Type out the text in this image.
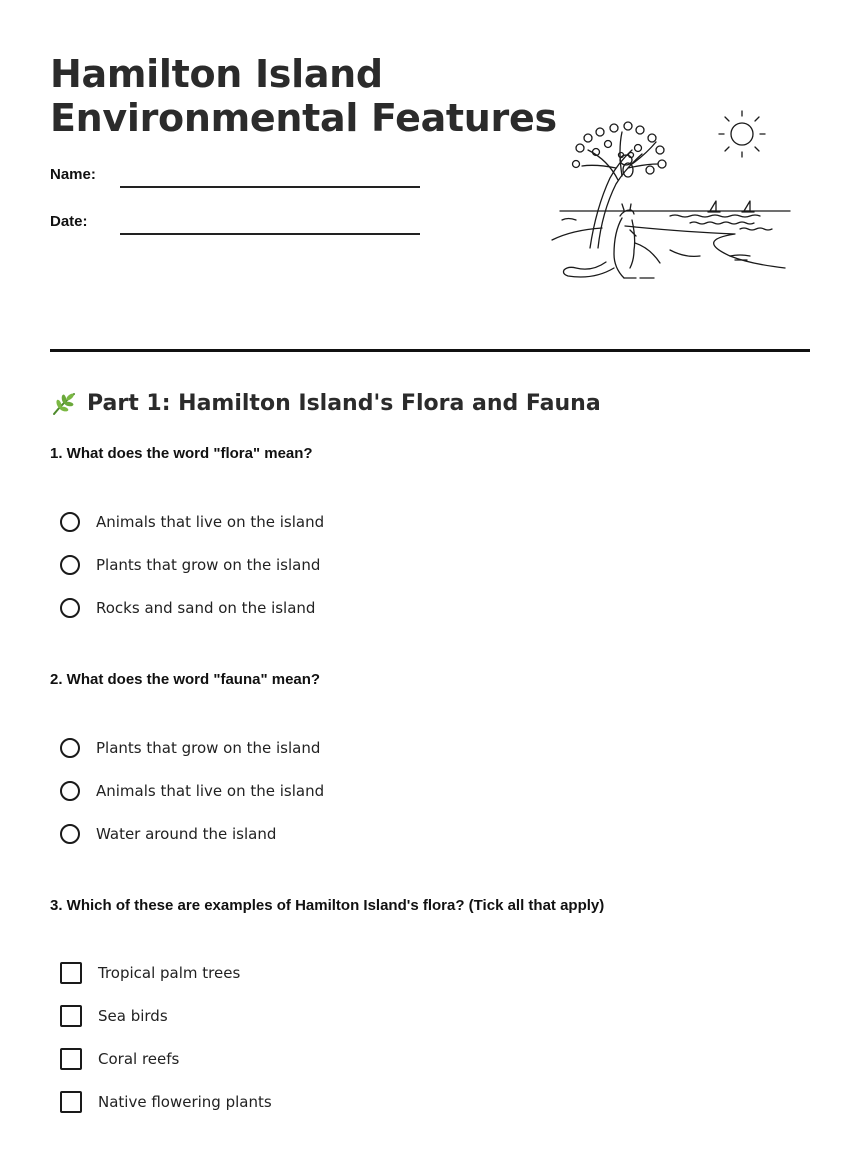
Hamilton Island
Environmental Features
Name:
Date:
Part 1: Hamilton Island's Flora and Fauna

1. What does the word "flora" mean?

Animals that live on the island
Plants that grow on the island
Rocks and sand on the island

2. What does the word "fauna" mean?

Plants that grow on the island
Animals that live on the island
Water around the island

3. Which of these are examples of Hamilton Island's flora? (Tick all that apply)

Tropical palm trees
Sea birds
Coral reefs
Native flowering plants
